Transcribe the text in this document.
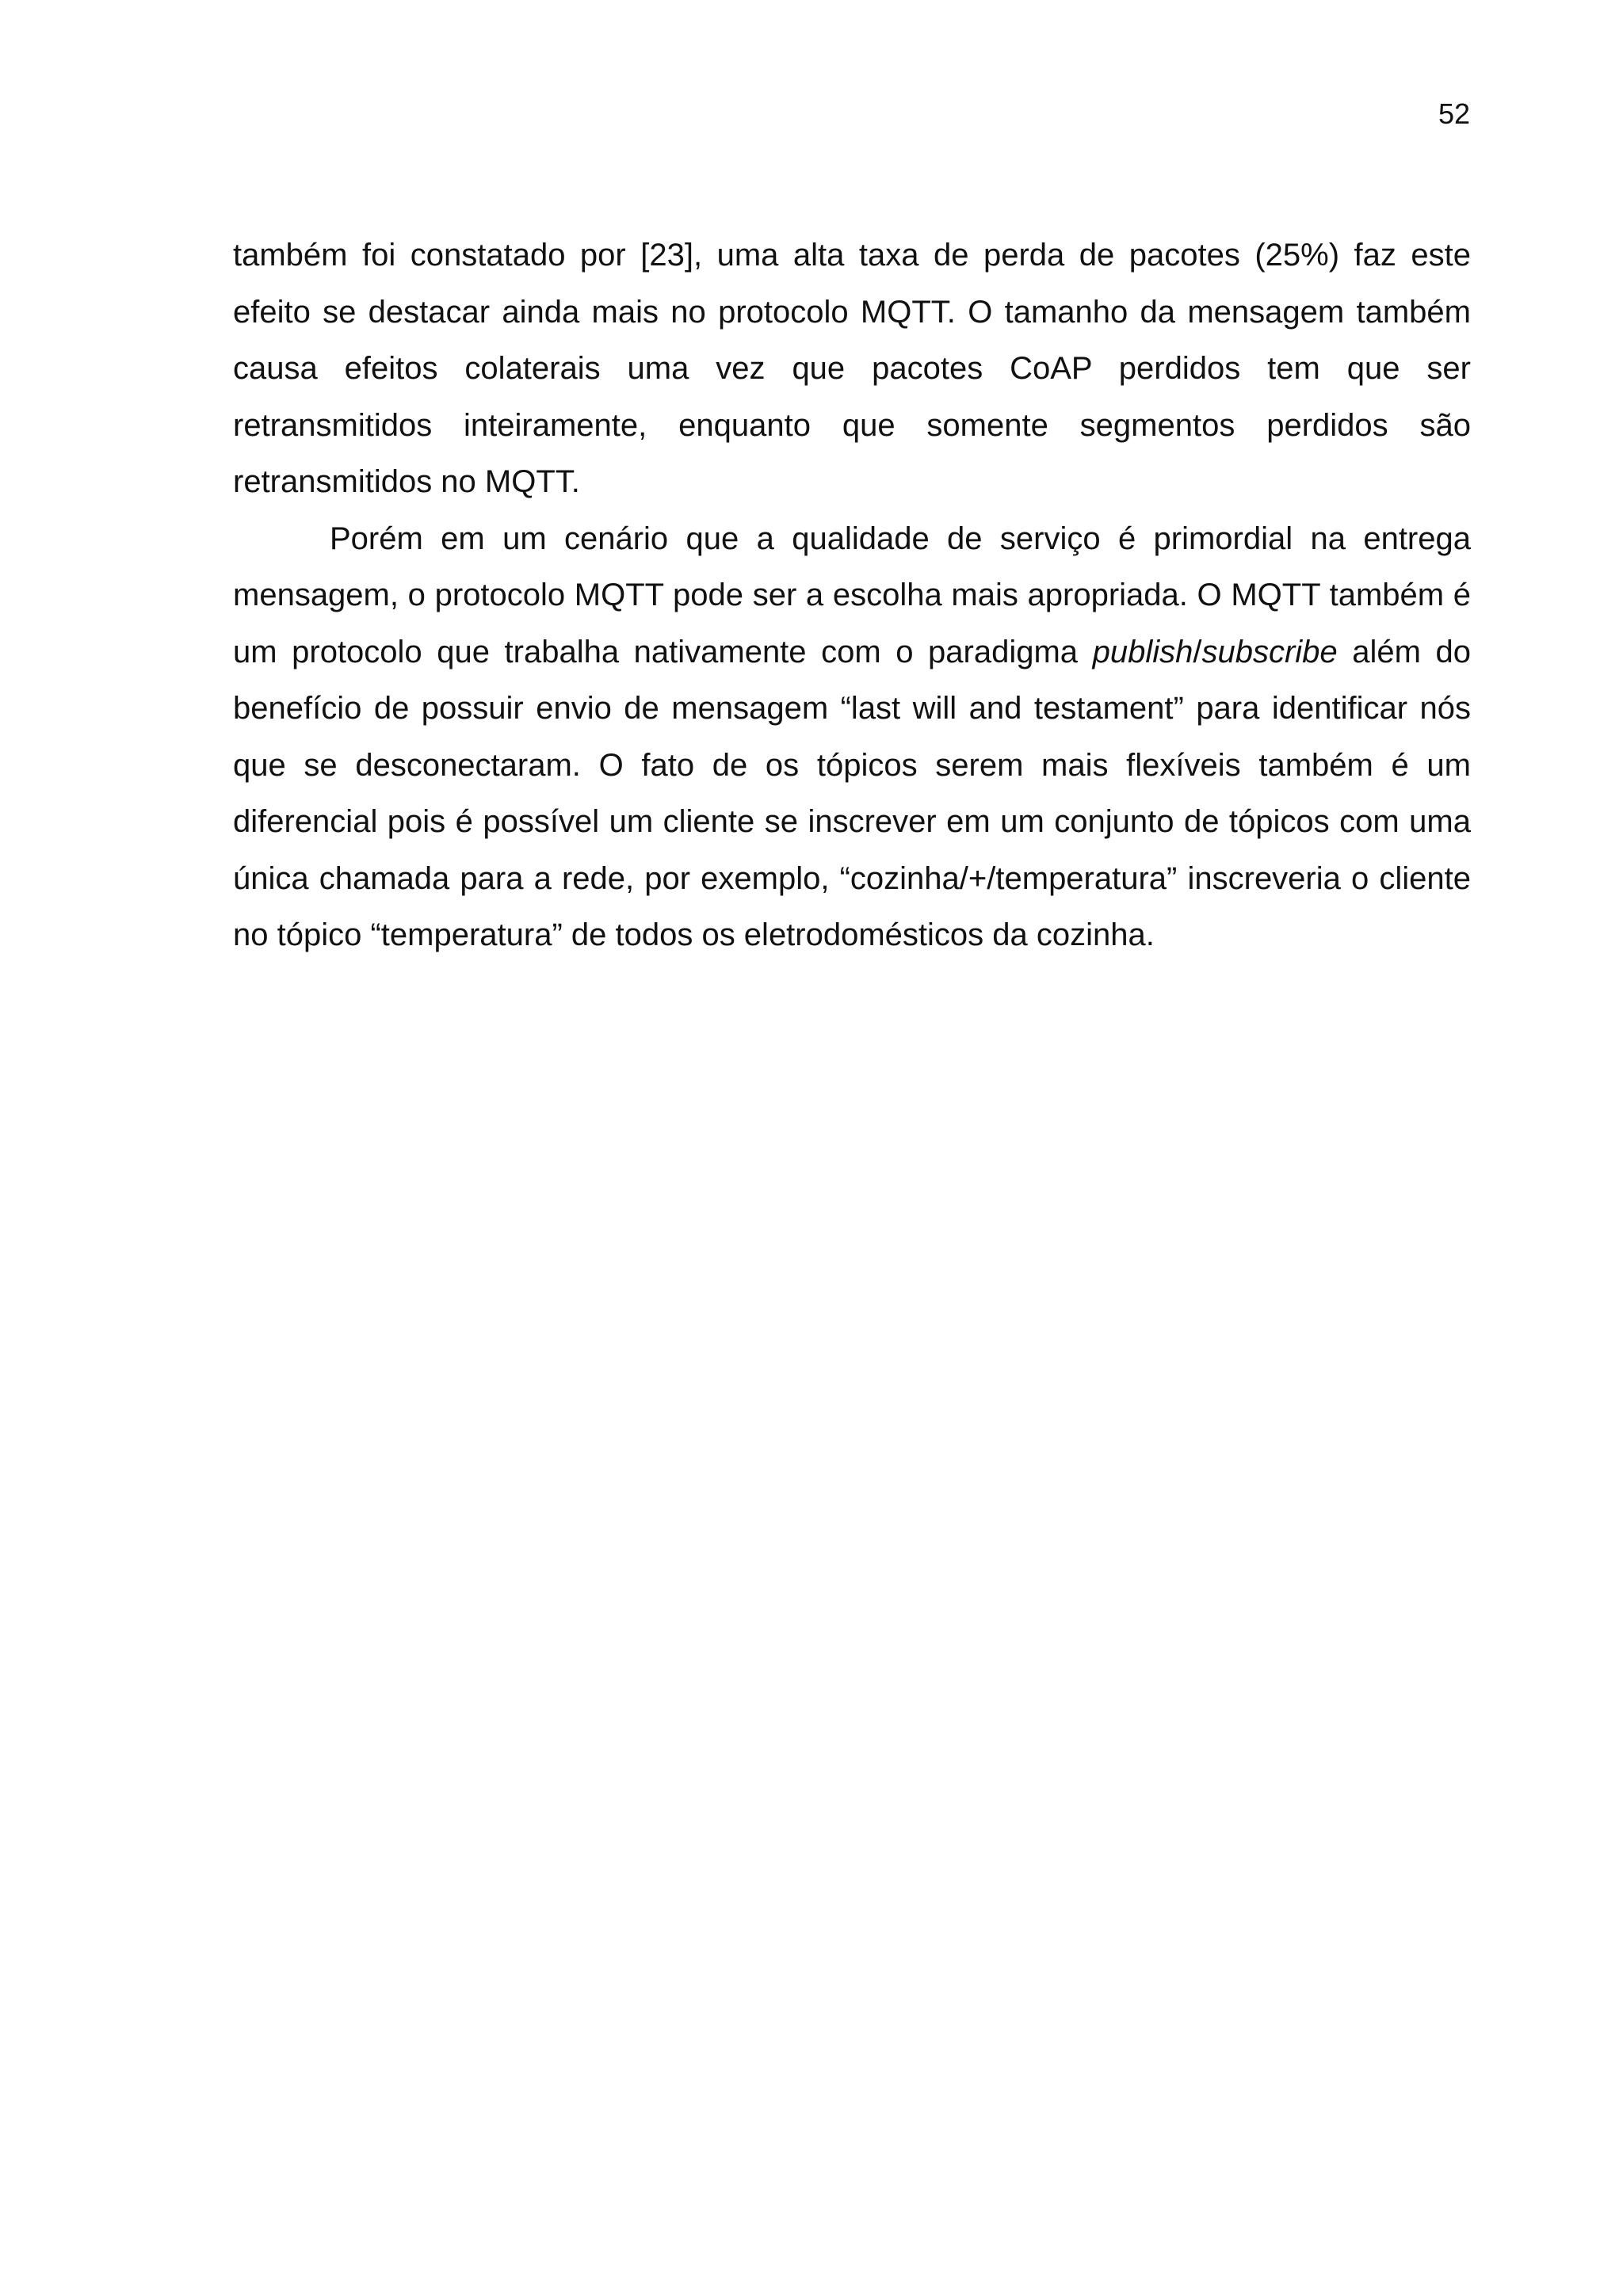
52

também foi constatado por [23], uma alta taxa de perda de pacotes (25%) faz este efeito se destacar ainda mais no protocolo MQTT. O tamanho da mensagem também causa efeitos colaterais uma vez que pacotes CoAP perdidos tem que ser retransmitidos inteiramente, enquanto que somente segmentos perdidos são retransmitidos no MQTT.

Porém em um cenário que a qualidade de serviço é primordial na entrega mensagem, o protocolo MQTT pode ser a escolha mais apropriada. O MQTT também é um protocolo que trabalha nativamente com o paradigma publish/subscribe além do benefício de possuir envio de mensagem “last will and testament” para identificar nós que se desconectaram. O fato de os tópicos serem mais flexíveis também é um diferencial pois é possível um cliente se inscrever em um conjunto de tópicos com uma única chamada para a rede, por exemplo, “cozinha/+/temperatura” inscreveria o cliente no tópico “temperatura” de todos os eletrodomésticos da cozinha.
